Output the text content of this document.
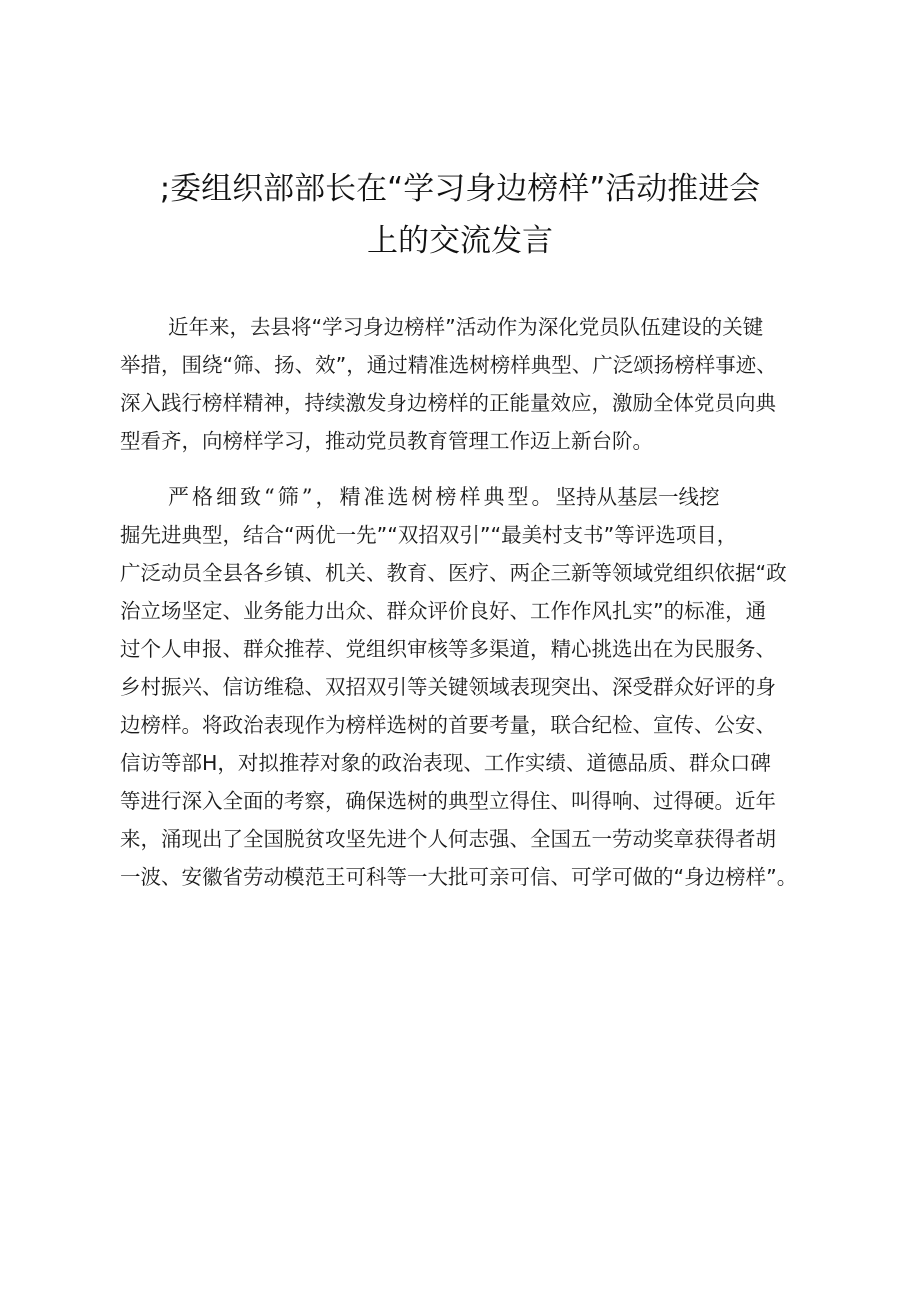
;委组织部部长在“学习身边榜样”活动推进会
上的交流发言
近年来，去县将“学习身边榜样”活动作为深化党员队伍建设的关键
举措，围绕“筛、扬、效”，通过精准选树榜样典型、广泛颂扬榜样事迹、
深入践行榜样精神，持续激发身边榜样的正能量效应，激励全体党员向典
型看齐，向榜样学习，推动党员教育管理工作迈上新台阶。
严格细致“筛”，精准选树榜样典型。坚持从基层一线挖
掘先进典型，结合“两优一先”“双招双引”“最美村支书”等评选项目，
广泛动员全县各乡镇、机关、教育、医疗、两企三新等领域党组织依据“政
治立场坚定、业务能力出众、群众评价良好、工作作风扎实”的标准，通
过个人申报、群众推荐、党组织审核等多渠道，精心挑选出在为民服务、
乡村振兴、信访维稳、双招双引等关键领域表现突出、深受群众好评的身
边榜样。将政治表现作为榜样选树的首要考量，联合纪检、宣传、公安、
信访等部H，对拟推荐对象的政治表现、工作实绩、道德品质、群众口碑
等进行深入全面的考察，确保选树的典型立得住、叫得响、过得硬。近年
来，涌现出了全国脱贫攻坚先进个人何志强、全国五一劳动奖章获得者胡
一波、安徽省劳动模范王可科等一大批可亲可信、可学可做的“身边榜样”。
